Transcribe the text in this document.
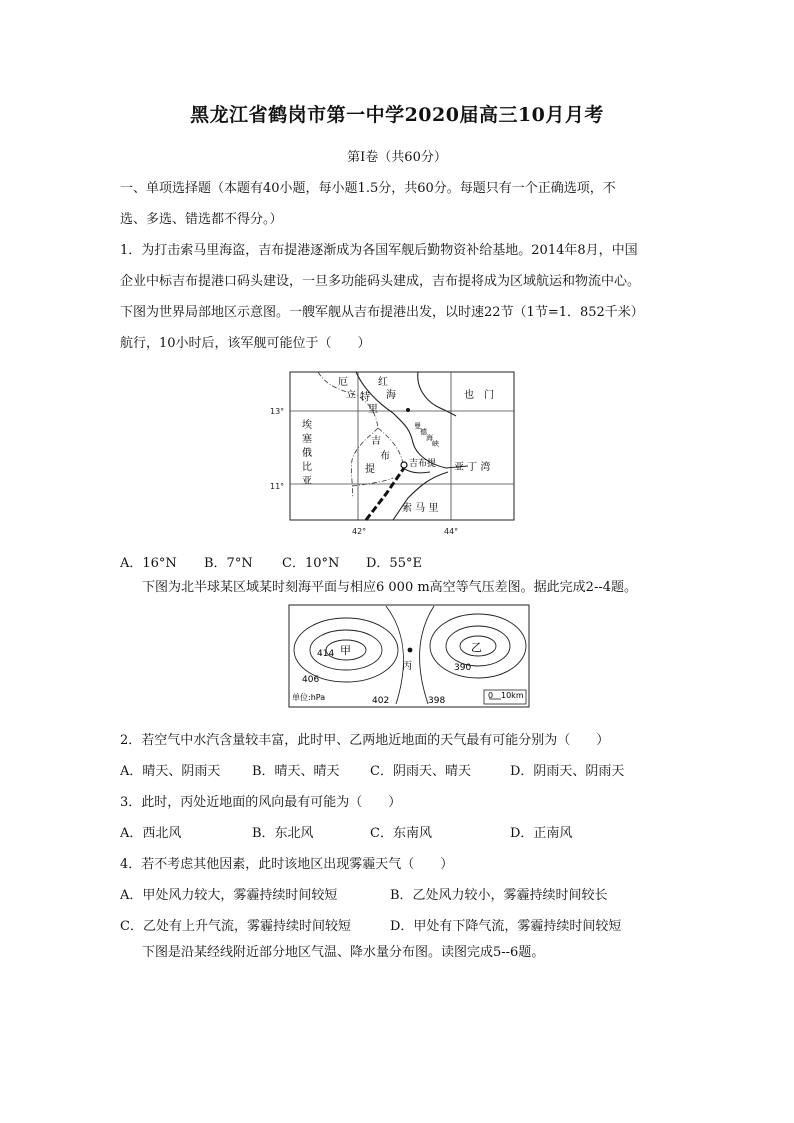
黑龙江省鹤岗市第一中学2020届高三10月月考
第Ⅰ卷（共60分）
一、单项选择题（本题有40小题，每小题1.5分，共60分。每题只有一个正确选项，不
选、多选、错选都不得分。）
1．为打击索马里海盗，吉布提港逐渐成为各国军舰后勤物资补给基地。2014年8月，中国
企业中标吉布提港口码头建设，一旦多功能码头建成，吉布提将成为区域航运和物流中心。
下图为世界局部地区示意图。一艘军舰从吉布提港出发，以时速22节（1节=1．852千米）
航行，10小时后，该军舰可能位于（　　）
13°
11°
42°	44°
厄
立 特
里
红
海	也　门
埃
塞
俄
比
亚
吉
布
提	吉布提 亚 丁 湾
索 马 里
曼
德
海
峡
A．16°N B．7°N C．10°N D．55°E
下图为北半球某区域某时刻海平面与相应6 000 m高空等气压差图。据此完成2--4题。
414 甲	乙
丙
406
402	398
390
单位:hPa	0 10km
2．若空气中水汽含量较丰富，此时甲、乙两地近地面的天气最有可能分别为（　　）
A．晴天、阴雨天 B．晴天、晴天 C．阴雨天、晴天	D．阴雨天、阴雨天
3．此时，丙处近地面的风向最有可能为（　　）
A．西北风	B．东北风	C．东南风	D．正南风
4．若不考虑其他因素，此时该地区出现雾霾天气（　　）
A．甲处风力较大，雾霾持续时间较短	B．乙处风力较小，雾霾持续时间较长
C．乙处有上升气流，雾霾持续时间较短	D．甲处有下降气流，雾霾持续时间较短
下图是沿某经线附近部分地区气温、降水量分布图。读图完成5--6题。
